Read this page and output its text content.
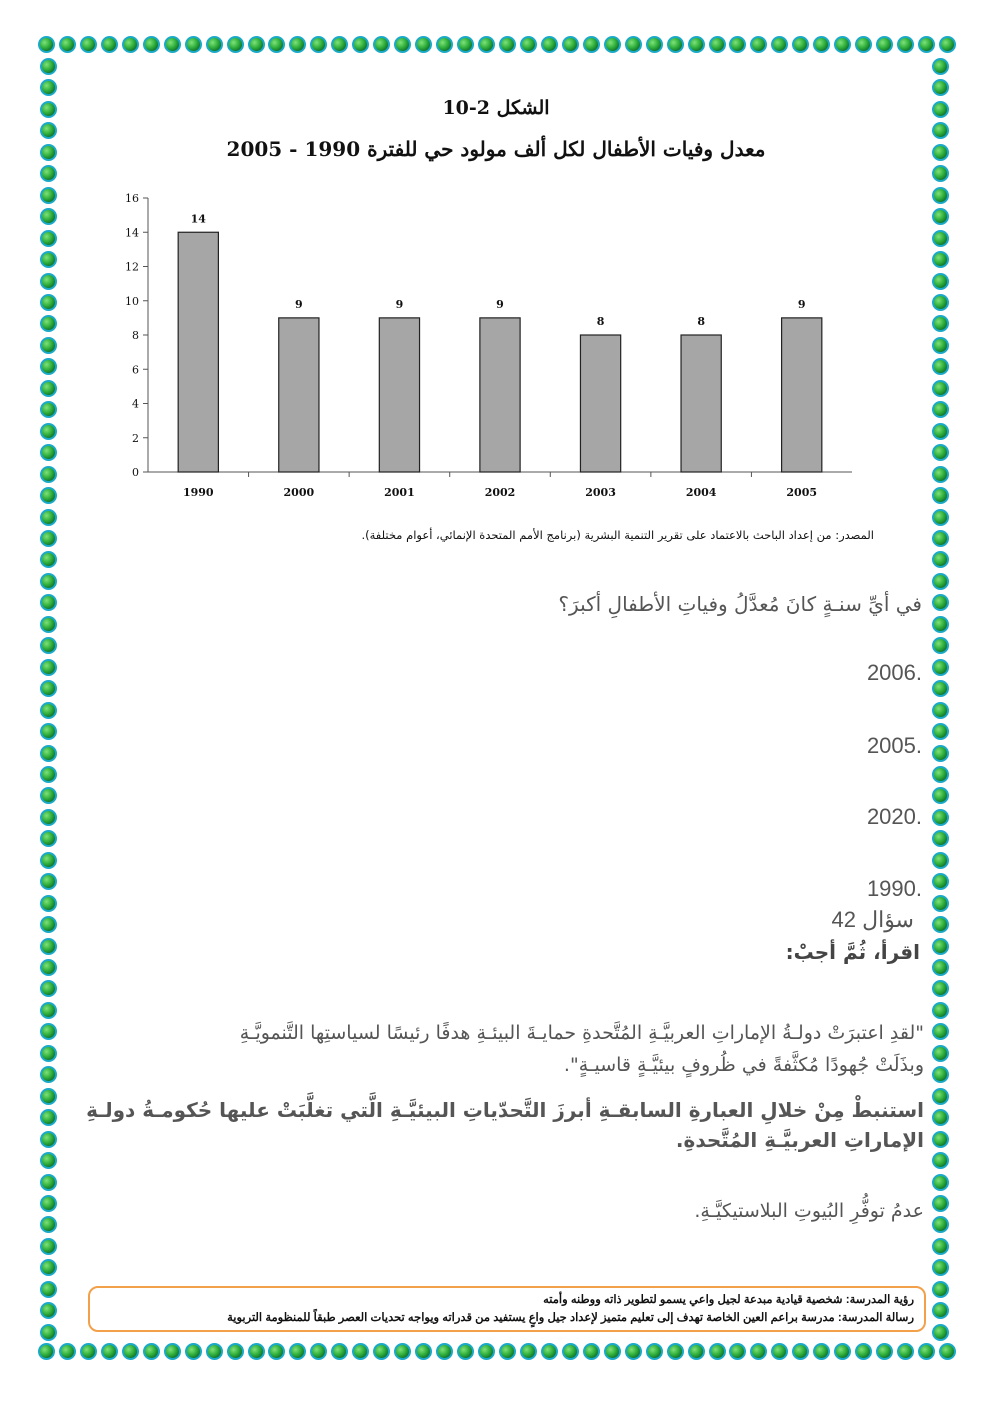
الشكل 2-10
معدل وفيات الأطفال لكل ألف مولود حي للفترة 1990 - 2005
0
2
4
6
8
10
12
14
16
14
1990
9
2000
9
2001
9
2002
8
2003
8
2004
9
2005
المصدر: من إعداد الباحث بالاعتماد على تقرير التنمية البشرية (برنامج الأمم المتحدة الإنمائي، أعوام مختلفة).
في أيِّ سنـةٍ كانَ مُعدَّلُ وفياتِ الأطفالِ أكبرَ؟
2006.
2005.
2020.
1990.
سؤال 42
:اقرأ، ثُمَّ أجبْ
لقدِ اعتبرَتْ دولـةُ الإماراتِ العربيَّـةِ المُتَّحدةِ حمايـةَ البيئـةِ هدفًا رئيسًا لسياستِها التَّنمويَّـةِ"
."وبذَلَتْ جُهودًا مُكثَّفةً في ظُروفٍ بيئيَّـةٍ قاسيـةٍ
استنبطْ مِنْ خلالِ العبارةِ السابقـةِ أبرزَ التَّحدّياتِ البيئيَّـةِ الَّتي تغلَّبَتْ عليها حُكومـةُ دولـةِ
.الإماراتِ العربيَّـةِ المُتَّحدةِ
.عدمُ توفُّرِ البُيوتِ البلاستيكيَّـةِ
رؤية المدرسة: شخصية قيادية مبدعة لجيل واعي يسمو لتطوير ذاته ووطنه وأمته
رسالة المدرسة: مدرسة براعم العين الخاصة تهدف إلى تعليم متميز لإعداد جيل واعٍ يستفيد من قدراته ويواجه تحديات العصر طبقاً للمنظومة التربوية
